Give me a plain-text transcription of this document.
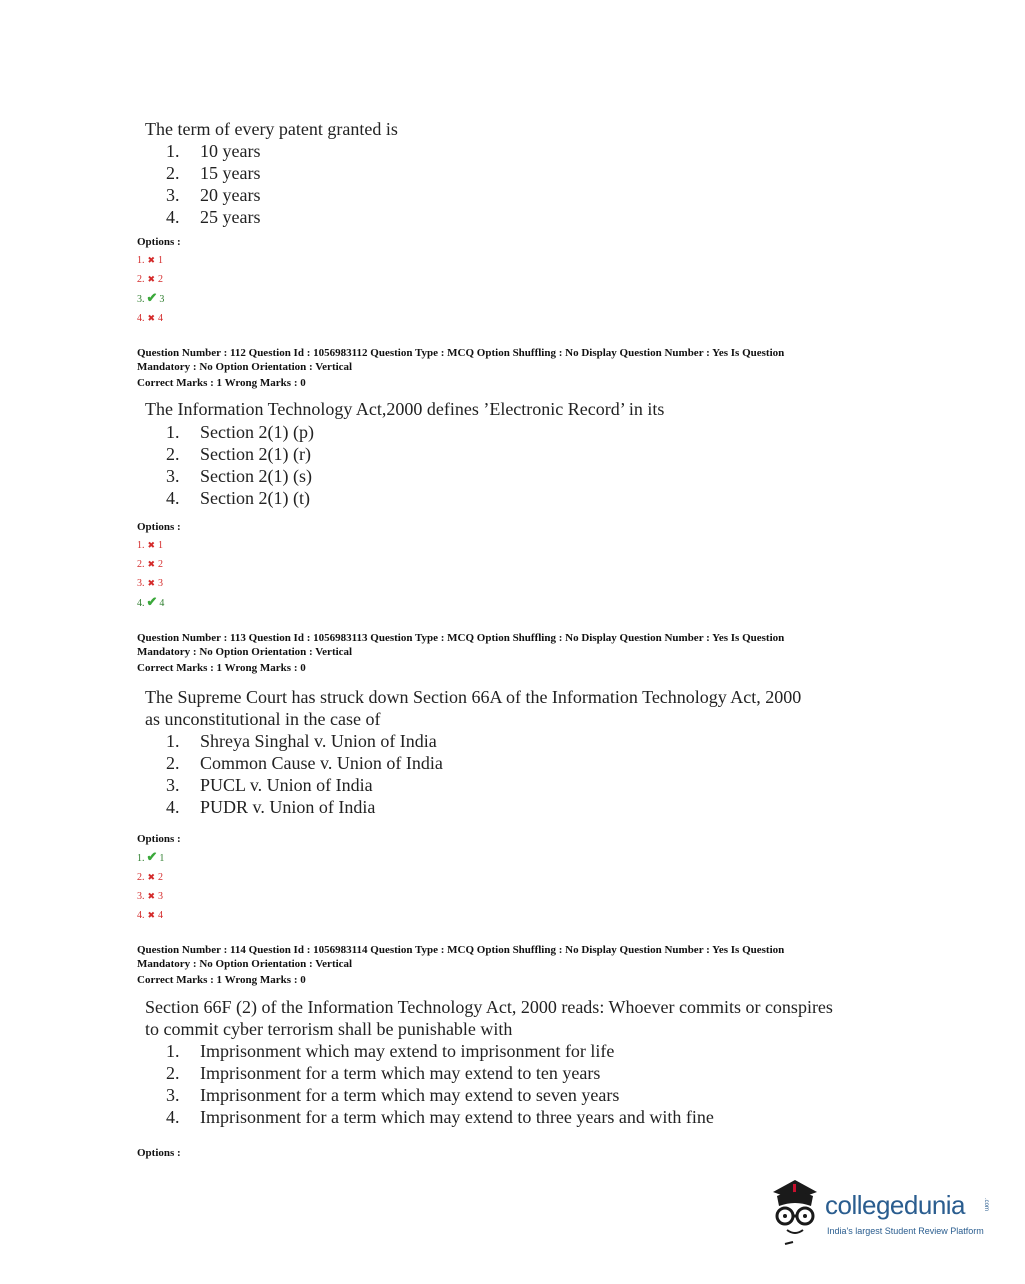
The term of every patent granted is
1.	10 years
2.	15 years
3.	20 years
4.	25 years
Options :
1. ✖ 1
2. ✖ 2
3. ✔ 3
4. ✖ 4
Question Number : 112 Question Id : 1056983112 Question Type : MCQ Option Shuffling : No Display Question Number : Yes Is Question
Mandatory : No Option Orientation : Vertical
Correct Marks : 1 Wrong Marks : 0
The Information Technology Act,2000 defines ’Electronic Record’ in its
1.	Section 2(1) (p)
2.	Section 2(1) (r)
3.	Section 2(1) (s)
4.	Section 2(1) (t)
Options :
1. ✖ 1
2. ✖ 2
3. ✖ 3
4. ✔ 4
Question Number : 113 Question Id : 1056983113 Question Type : MCQ Option Shuffling : No Display Question Number : Yes Is Question
Mandatory : No Option Orientation : Vertical
Correct Marks : 1 Wrong Marks : 0
The Supreme Court has struck down Section 66A of the Information Technology Act, 2000
as unconstitutional in the case of
1.	Shreya Singhal v. Union of India
2.	Common Cause v. Union of India
3.	PUCL v. Union of India
4.	PUDR v. Union of India
Options :
1. ✔ 1
2. ✖ 2
3. ✖ 3
4. ✖ 4
Question Number : 114 Question Id : 1056983114 Question Type : MCQ Option Shuffling : No Display Question Number : Yes Is Question
Mandatory : No Option Orientation : Vertical
Correct Marks : 1 Wrong Marks : 0
Section 66F (2) of the Information Technology Act, 2000 reads: Whoever commits or conspires
to commit cyber terrorism shall be punishable with
1.	Imprisonment which may extend to imprisonment for life
2.	Imprisonment for a term which may extend to ten years
3.	Imprisonment for a term which may extend to seven years
4.	Imprisonment for a term which may extend to three years and with fine
Options :
collegedunia	.com
India's largest Student Review Platform
